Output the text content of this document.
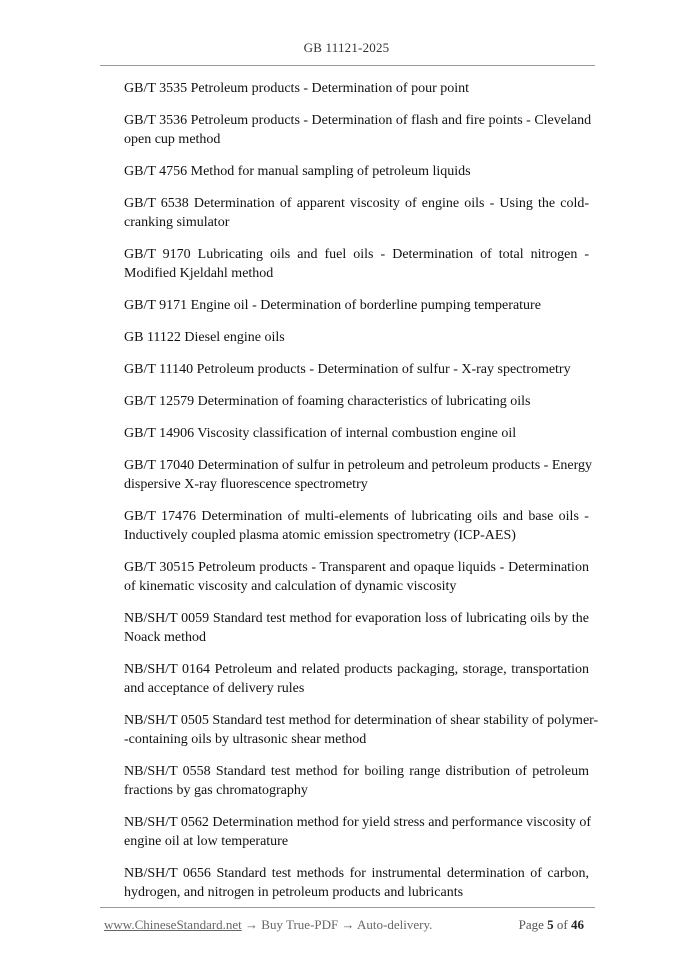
GB 11121-2025
GB/T 3535 Petroleum products - Determination of pour point
GB/T 3536 Petroleum products - Determination of flash and fire points - Cleveland
open cup method
GB/T 4756 Method for manual sampling of petroleum liquids
GB/T 6538 Determination of apparent viscosity of engine oils - Using the cold-
cranking simulator
GB/T 9170 Lubricating oils and fuel oils - Determination of total nitrogen -
Modified Kjeldahl method
GB/T 9171 Engine oil - Determination of borderline pumping temperature
GB 11122 Diesel engine oils
GB/T 11140 Petroleum products - Determination of sulfur - X-ray spectrometry
GB/T 12579 Determination of foaming characteristics of lubricating oils
GB/T 14906 Viscosity classification of internal combustion engine oil
GB/T 17040 Determination of sulfur in petroleum and petroleum products - Energy
dispersive X-ray fluorescence spectrometry
GB/T 17476 Determination of multi-elements of lubricating oils and base oils -
Inductively coupled plasma atomic emission spectrometry (ICP-AES)
GB/T 30515 Petroleum products - Transparent and opaque liquids - Determination
of kinematic viscosity and calculation of dynamic viscosity
NB/SH/T 0059 Standard test method for evaporation loss of lubricating oils by the
Noack method
NB/SH/T 0164 Petroleum and related products packaging, storage, transportation
and acceptance of delivery rules
NB/SH/T 0505 Standard test method for determination of shear stability of polymer-
-containing oils by ultrasonic shear method
NB/SH/T 0558 Standard test method for boiling range distribution of petroleum
fractions by gas chromatography
NB/SH/T 0562 Determination method for yield stress and performance viscosity of
engine oil at low temperature
NB/SH/T 0656 Standard test methods for instrumental determination of carbon,
hydrogen, and nitrogen in petroleum products and lubricants
www.ChineseStandard.net → Buy True-PDF → Auto-delivery.	Page 5 of 46
